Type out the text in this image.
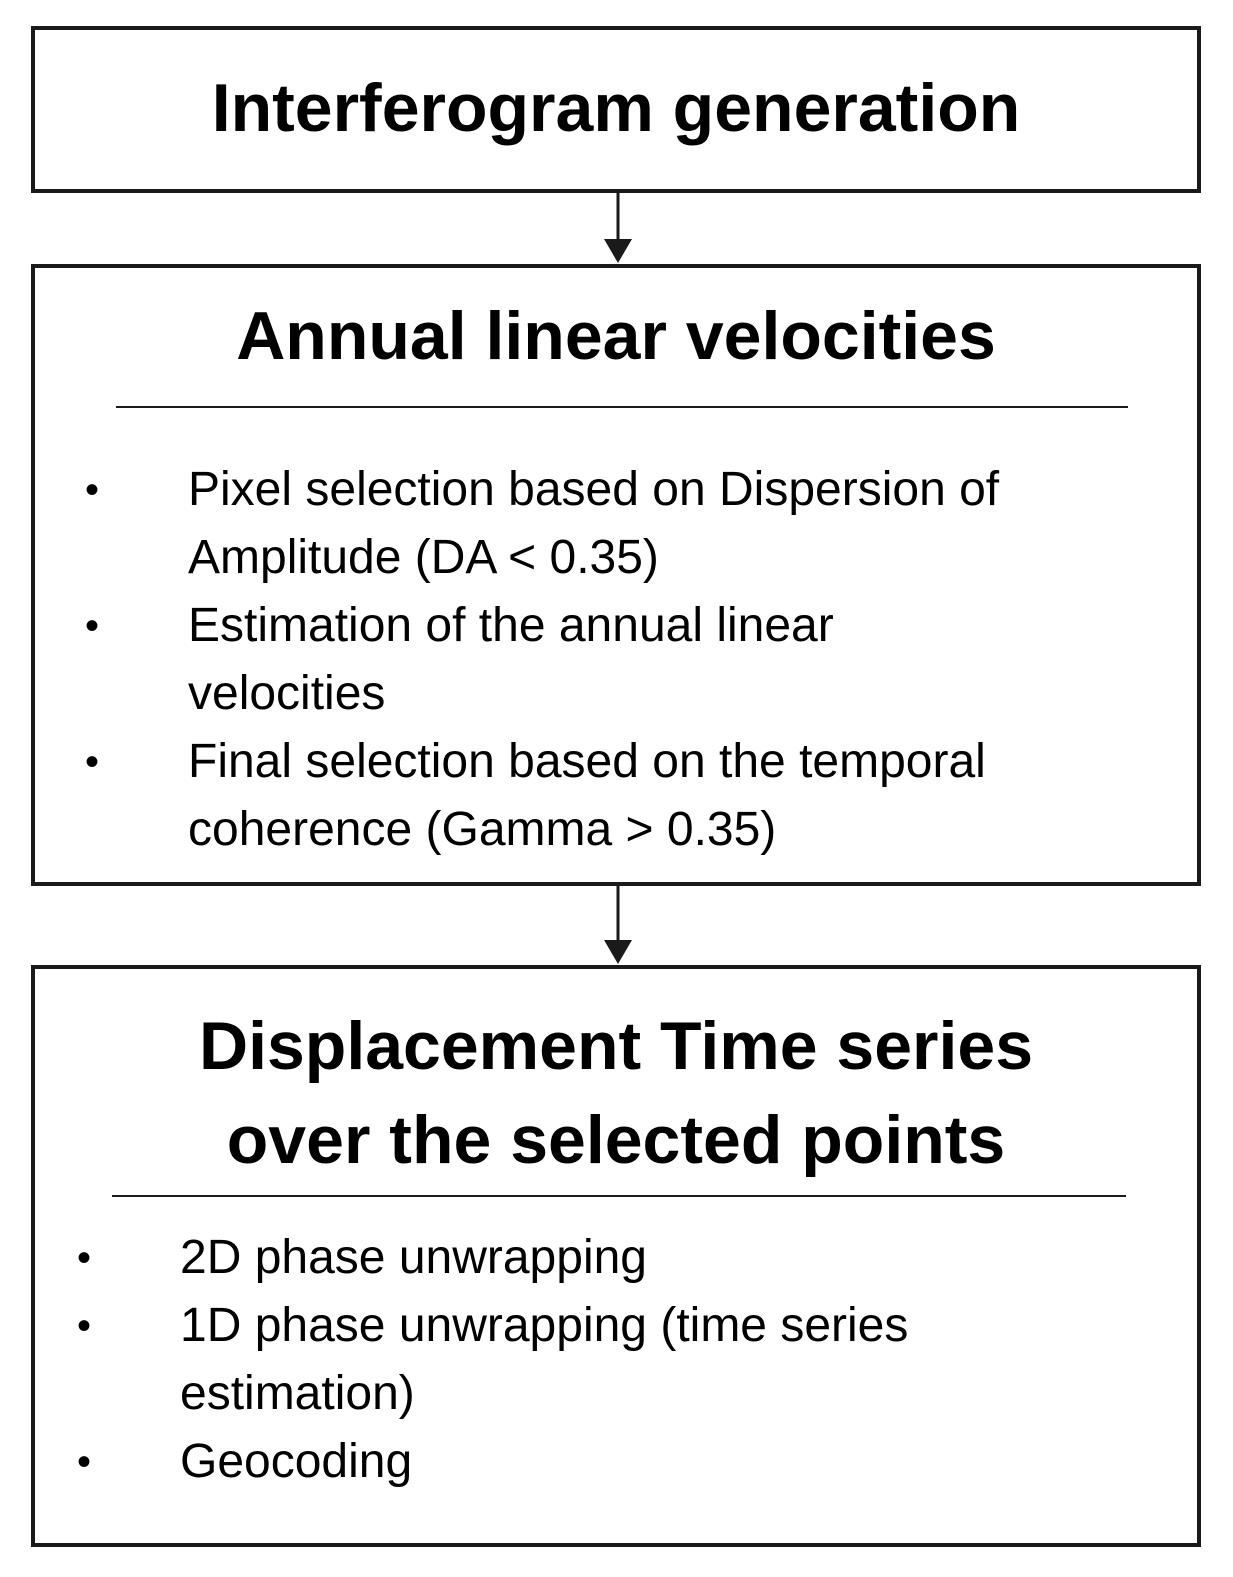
Interferogram generation
Annual linear velocities
• Pixel selection based on Dispersion of
Amplitude (DA < 0.35)
• Estimation of the annual linear
velocities
• Final selection based on the temporal
coherence (Gamma > 0.35)
Displacement Time series
over the selected points
• 2D phase unwrapping
• 1D phase unwrapping (time series
estimation)
• Geocoding
